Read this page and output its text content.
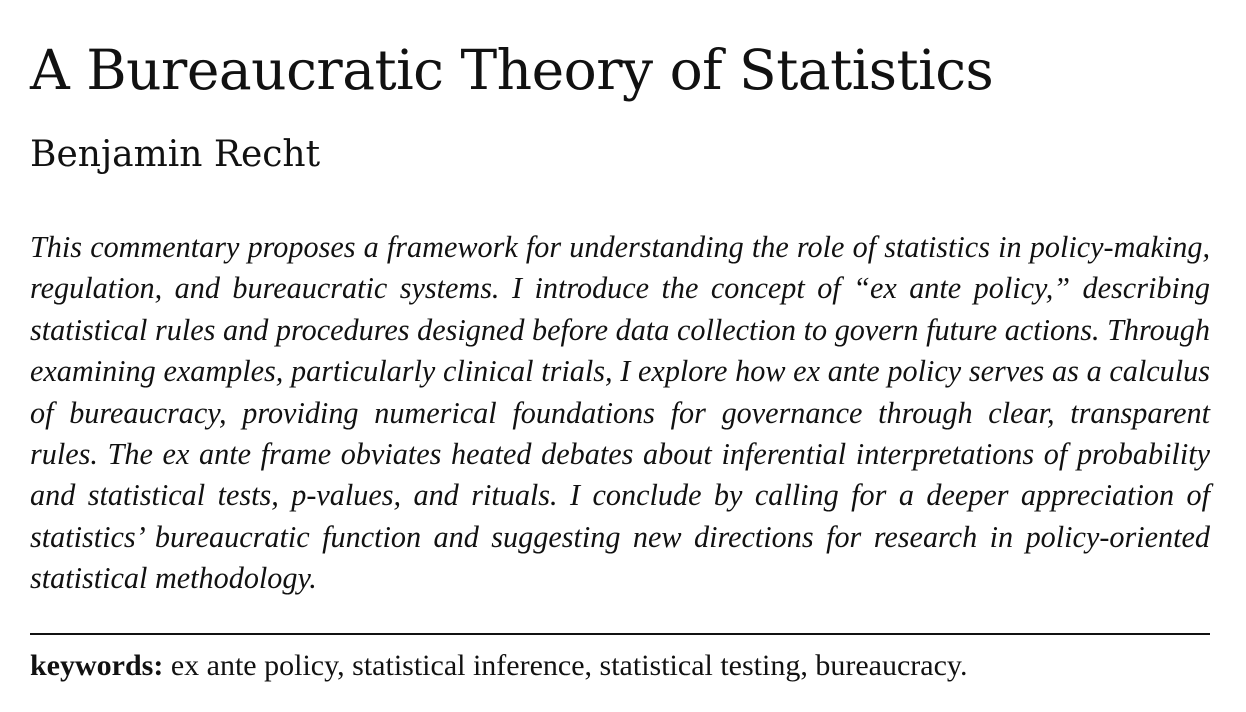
A Bureaucratic Theory of Statistics
Benjamin Recht

This commentary proposes a framework for understanding the role of statistics in policy-making, regulation, and bureaucratic systems. I introduce the concept of “ex ante policy,” describing statistical rules and procedures designed before data collection to govern future actions. Through examining examples, particularly clinical trials, I explore how ex ante policy serves as a calculus of bureaucracy, providing numerical foundations for governance through clear, transparent rules. The ex ante frame obviates heated debates about inferential interpretations of probability and statistical tests, p-values, and rituals. I conclude by calling for a deeper appreciation of statistics’ bureaucratic function and suggesting new directions for research in policy-oriented statistical methodology.

keywords: ex ante policy, statistical inference, statistical testing, bureaucracy.
